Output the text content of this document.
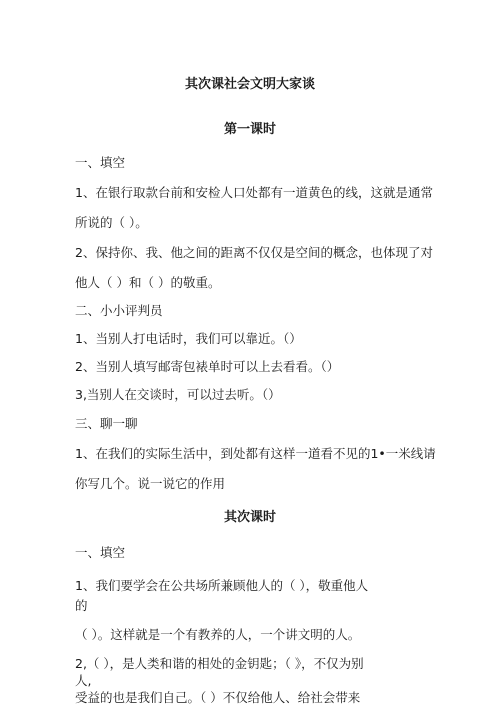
其次课社会文明大家谈
第一课时
一、填空
1、在银行取款台前和安检人口处都有一道黄色的线，这就是通常
所说的（ ）。
2、保持你、我、他之间的距离不仅仅是空间的概念，也体现了对
他人（ ）和（ ）的敬重。
二、小小评判员
1、当别人打电话时，我们可以靠近。（）
2、当别人填写邮寄包裱单时可以上去看看。（）
3,当别人在交谈时，可以过去听。（）
三、聊一聊
1、在我们的实际生活中，到处都有这样一道看不见的1•一米线请
你写几个。说一说它的作用
其次课时
一、填空
1、我们要学会在公共场所兼顾他人的（ ），敬重他人
的
（ ）。这样就是一个有教养的人，一个讲文明的人。
2,（ ），是人类和谐的相处的金钥匙；（ 》，不仅为别
人,
受益的也是我们自己。（ ）不仅给他人、给社会带来
